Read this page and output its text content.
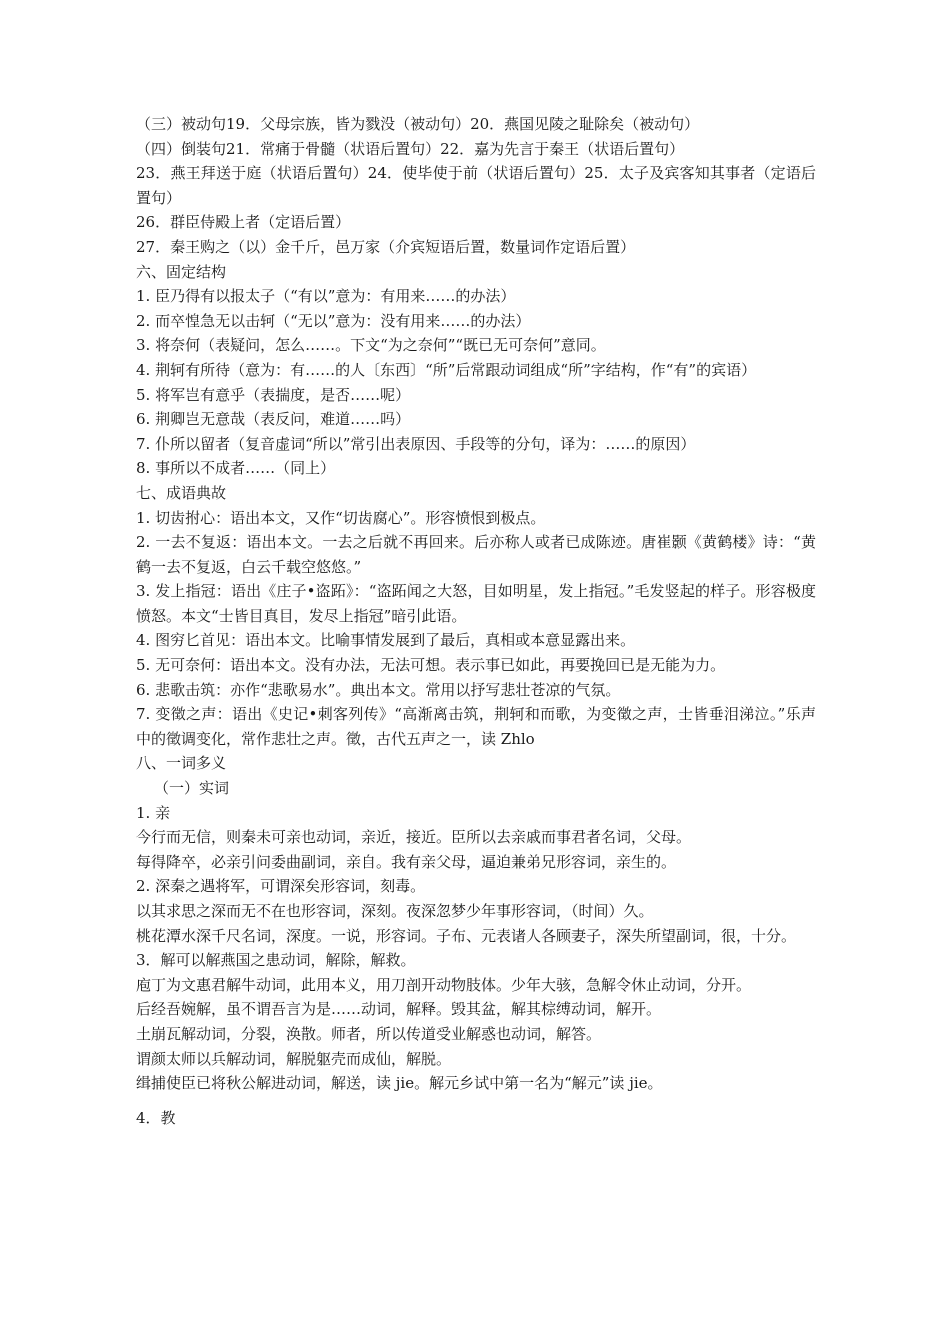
（三）被动句19．父母宗族，皆为戮没（被动句）20．燕国见陵之耻除矣（被动句）

（四）倒装句21．常痛于骨髓（状语后置句）22．嘉为先言于秦王（状语后置句）

23．燕王拜送于庭（状语后置句）24．使毕使于前（状语后置句）25．太子及宾客知其事者（定语后置句）

26．群臣侍殿上者（定语后置）

27．秦王购之（以）金千斤，邑万家（介宾短语后置，数量词作定语后置）

六、固定结构

1. 臣乃得有以报太子（“有以”意为：有用来……的办法）

2. 而卒惶急无以击轲（“无以”意为：没有用来……的办法）

3. 将奈何（表疑问，怎么……。下文“为之奈何”“既已无可奈何”意同。

4. 荆轲有所待（意为：有……的人〔东西〕“所”后常跟动词组成“所”字结构，作“有”的宾语）

5. 将军岂有意乎（表揣度，是否……呢）

6. 荆卿岂无意哉（表反问，难道……吗）

7. 仆所以留者（复音虚词“所以”常引出表原因、手段等的分句，译为：……的原因）

8. 事所以不成者……（同上）

七、成语典故

1. 切齿拊心：语出本文，又作“切齿腐心”。形容愤恨到极点。

2. 一去不复返：语出本文。一去之后就不再回来。后亦称人或者已成陈迹。唐崔颢《黄鹤楼》诗：“黄鹤一去不复返，白云千载空悠悠。”

3. 发上指冠：语出《庄子•盗跖》：“盗跖闻之大怒，目如明星，发上指冠。”毛发竖起的样子。形容极度愤怒。本文“士皆目真目，发尽上指冠”暗引此语。

4. 图穷匕首见：语出本文。比喻事情发展到了最后，真相或本意显露出来。

5. 无可奈何：语出本文。没有办法，无法可想。表示事已如此，再要挽回已是无能为力。

6. 悲歌击筑：亦作“悲歌易水”。典出本文。常用以抒写悲壮苍凉的气氛。

7. 变徵之声：语出《史记•刺客列传》“高渐离击筑，荆轲和而歌，为变徵之声，士皆垂泪涕泣。”乐声中的徵调变化，常作悲壮之声。徵，古代五声之一，读 Zhlo

八、一词多义

（一）实词

1. 亲

今行而无信，则秦未可亲也动词，亲近，接近。臣所以去亲戚而事君者名词，父母。

每得降卒，必亲引问委曲副词，亲自。我有亲父母，逼迫兼弟兄形容词，亲生的。

2. 深秦之遇将军，可谓深矣形容词，刻毒。

以其求思之深而无不在也形容词，深刻。夜深忽梦少年事形容词，（时间）久。

桃花潭水深千尺名词，深度。一说，形容词。子布、元表诸人各顾妻子，深失所望副词，很，十分。

3．解可以解燕国之患动词，解除，解救。

庖丁为文惠君解牛动词，此用本义，用刀剖开动物肢体。少年大骇，急解令休止动词，分开。

后经吾婉解，虽不谓吾言为是……动词，解释。毁其盆，解其棕缚动词，解开。

土崩瓦解动词，分裂，涣散。师者，所以传道受业解惑也动词，解答。

谓颜太师以兵解动词，解脱躯壳而成仙，解脱。

缉捕使臣已将秋公解进动词，解送，读 jie。解元乡试中第一名为“解元”读 jie。

4．教
